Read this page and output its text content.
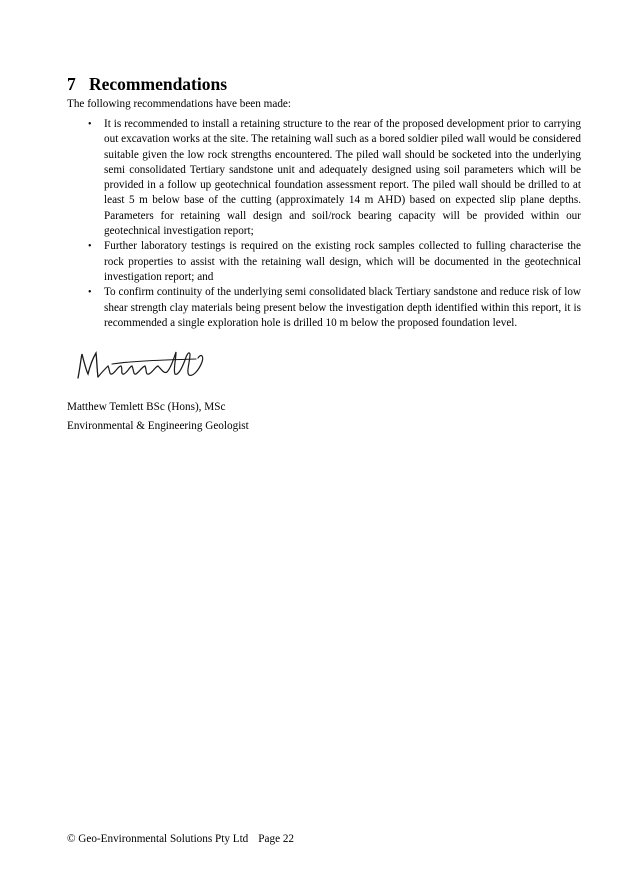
7 Recommendations
The following recommendations have been made:
• It is recommended to install a retaining structure to the rear of the proposed development prior to carrying out excavation works at the site. The retaining wall such as a bored soldier piled wall would be considered suitable given the low rock strengths encountered. The piled wall should be socketed into the underlying semi consolidated Tertiary sandstone unit and adequately designed using soil parameters which will be provided in a follow up geotechnical foundation assessment report. The piled wall should be drilled to at least 5 m below base of the cutting (approximately 14 m AHD) based on expected slip plane depths. Parameters for retaining wall design and soil/rock bearing capacity will be provided within our geotechnical investigation report;
• Further laboratory testings is required on the existing rock samples collected to fulling characterise the rock properties to assist with the retaining wall design, which will be documented in the geotechnical investigation report; and
• To confirm continuity of the underlying semi consolidated black Tertiary sandstone and reduce risk of low shear strength clay materials being present below the investigation depth identified within this report, it is recommended a single exploration hole is drilled 10 m below the proposed foundation level.
Matthew Temlett BSc (Hons), MSc
Environmental & Engineering Geologist
© Geo-Environmental Solutions Pty Ltd Page 22
